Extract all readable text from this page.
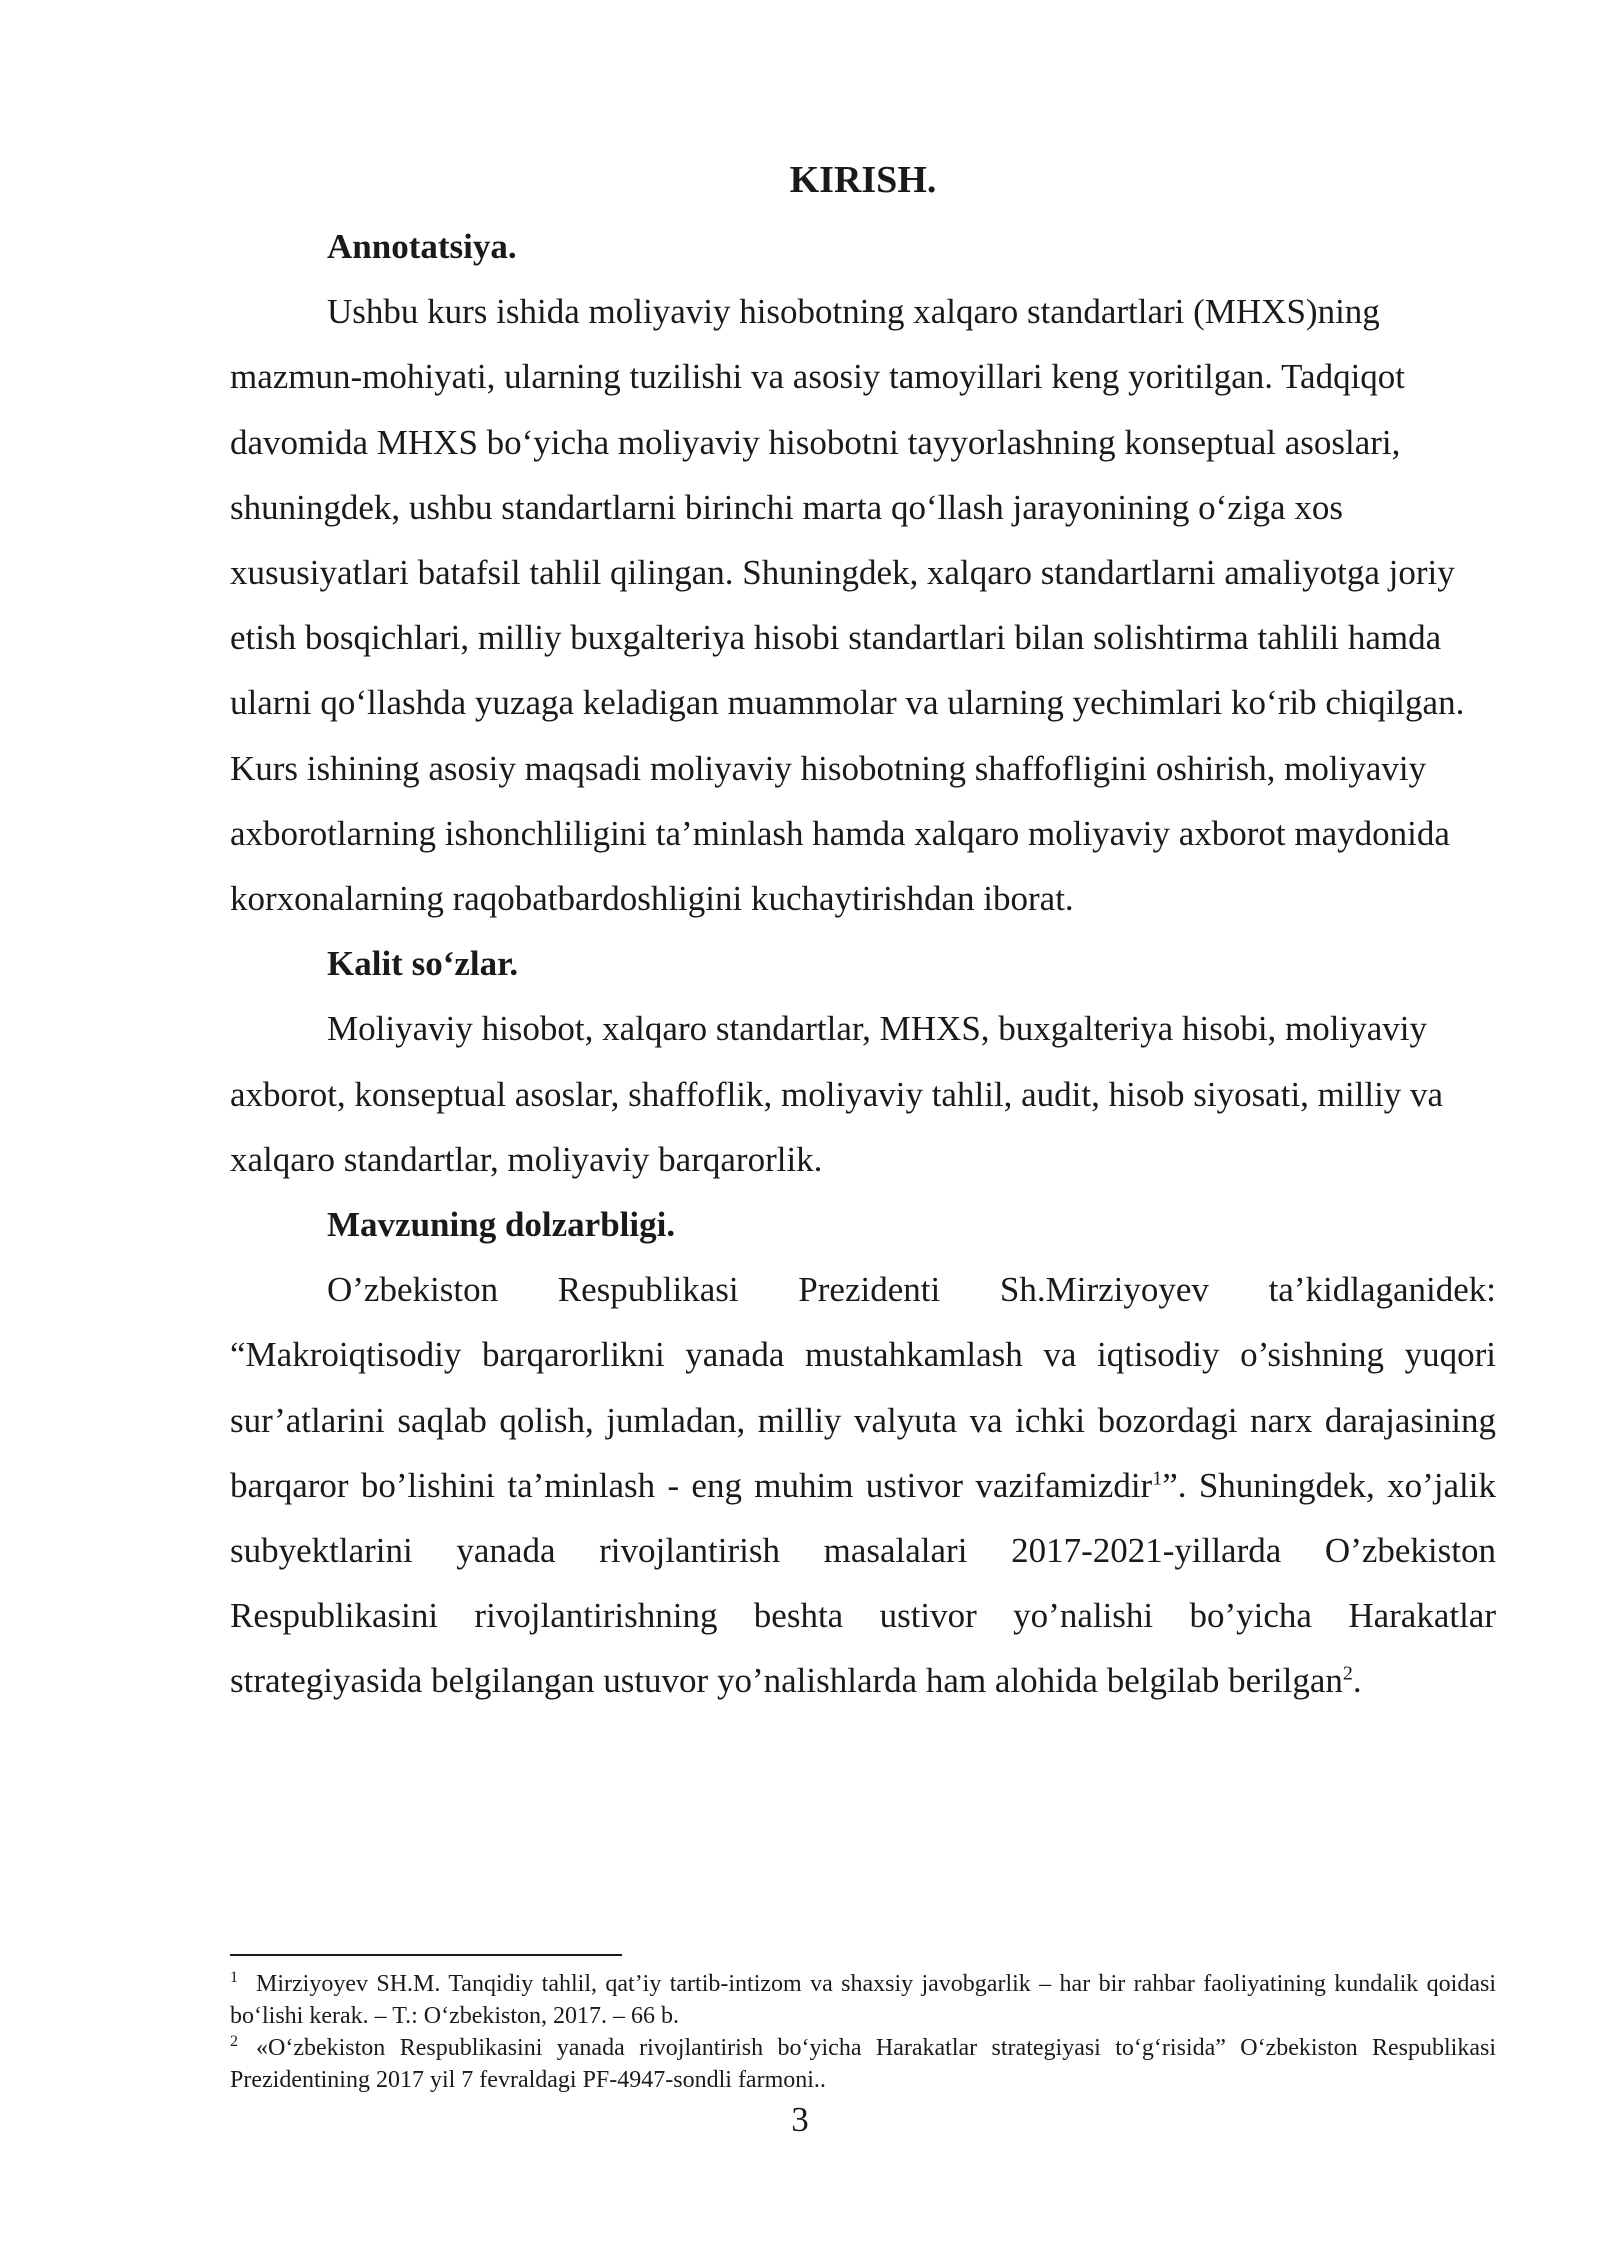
KIRISH.

Annotatsiya.

Ushbu kurs ishida moliyaviy hisobotning xalqaro standartlari (MHXS)ning mazmun-mohiyati, ularning tuzilishi va asosiy tamoyillari keng yoritilgan. Tadqiqot davomida MHXS bo‘yicha moliyaviy hisobotni tayyorlashning konseptual asoslari, shuningdek, ushbu standartlarni birinchi marta qo‘llash jarayonining o‘ziga xos xususiyatlari batafsil tahlil qilingan. Shuningdek, xalqaro standartlarni amaliyotga joriy etish bosqichlari, milliy buxgalteriya hisobi standartlari bilan solishtirma tahlili hamda ularni qo‘llashda yuzaga keladigan muammolar va ularning yechimlari ko‘rib chiqilgan. Kurs ishining asosiy maqsadi moliyaviy hisobotning shaffofligini oshirish, moliyaviy axborotlarning ishonchliligini ta’minlash hamda xalqaro moliyaviy axborot maydonida korxonalarning raqobatbardoshligini kuchaytirishdan iborat.

Kalit so‘zlar.

Moliyaviy hisobot, xalqaro standartlar, MHXS, buxgalteriya hisobi, moliyaviy axborot, konseptual asoslar, shaffoflik, moliyaviy tahlil, audit, hisob siyosati, milliy va xalqaro standartlar, moliyaviy barqarorlik.

Mavzuning dolzarbligi.

O’zbekiston Respublikasi Prezidenti Sh.Mirziyoyev ta’kidlaganidek: “Makroiqtisodiy barqarorlikni yanada mustahkamlash va iqtisodiy o’sishning yuqori sur’atlarini saqlab qolish, jumladan, milliy valyuta va ichki bozordagi narx darajasining barqaror bo’lishini ta’minlash - eng muhim ustivor vazifamizdir$^1$”. Shuningdek, xo’jalik subyektlarini yanada rivojlantirish masalalari 2017-2021-yillarda O’zbekiston Respublikasini rivojlantirishning beshta ustivor yo’nalishi bo’yicha Harakatlar strategiyasida belgilangan ustuvor yo’nalishlarda ham alohida belgilab berilgan$^2$.

$^1$ Mirziyoyev SH.M. Tanqidiy tahlil, qat’iy tartib-intizom va shaxsiy javobgarlik – har bir rahbar faoliyatining kundalik qoidasi bo‘lishi kerak. – T.: O‘zbekiston, 2017. – 66 b.

$^2$ «O‘zbekiston Respublikasini yanada rivojlantirish bo‘yicha Harakatlar strategiyasi to‘g‘risida” O‘zbekiston Respublikasi Prezidentining 2017 yil 7 fevraldagi PF-4947-sondli farmoni..

3
